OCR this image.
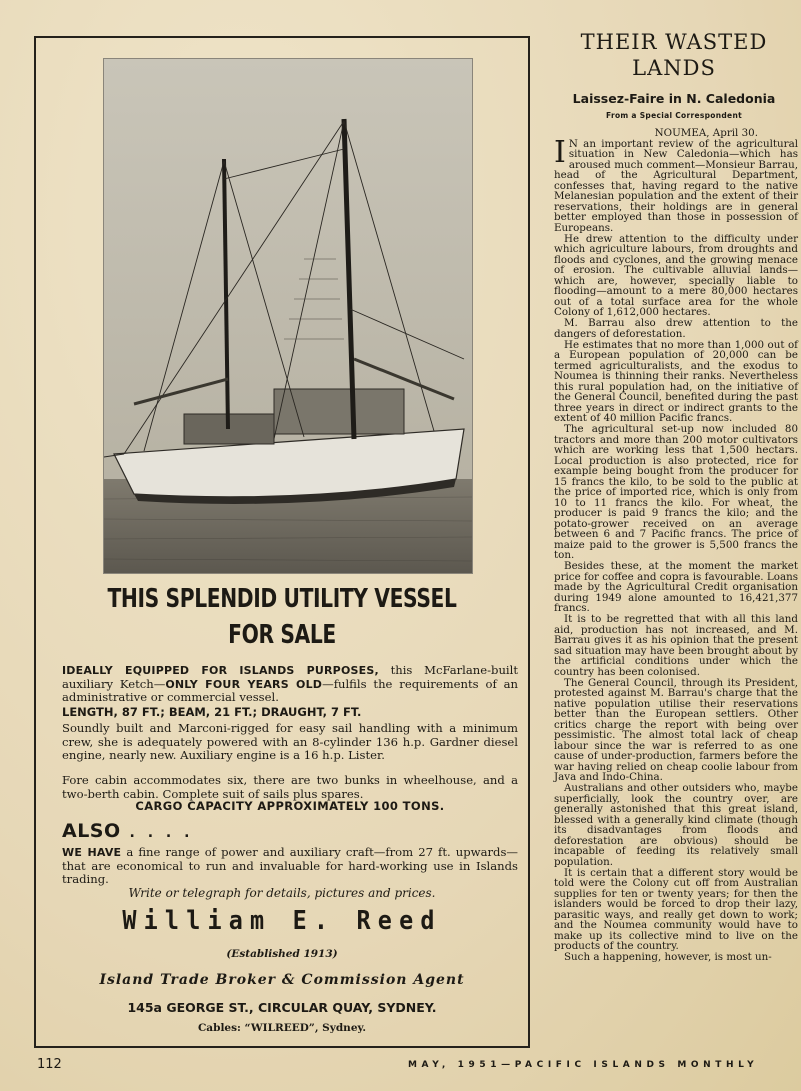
THIS SPLENDID UTILITY VESSEL
FOR SALE
IDEALLY EQUIPPED FOR ISLANDS PURPOSES, this McFarlane-built auxiliary Ketch—ONLY FOUR YEARS OLD—fulfils the requirements of an administrative or commercial vessel.
LENGTH, 87 FT.; BEAM, 21 FT.; DRAUGHT, 7 FT.
Soundly built and Marconi-rigged for easy sail handling with a minimum crew, she is adequately powered with an 8-cylinder 136 h.p. Gardner diesel engine, nearly new. Auxiliary engine is a 16 h.p. Lister.
Fore cabin accommodates six, there are two bunks in wheelhouse, and a two-berth cabin. Complete suit of sails plus spares.
CARGO CAPACITY APPROXIMATELY 100 TONS.
ALSO . . . .
WE HAVE a fine range of power and auxiliary craft—from 27 ft. upwards—that are economical to run and invaluable for hard-working use in Islands trading.
Write or telegraph for details, pictures and prices.
William E. Reed
(Established 1913)
Island Trade Broker & Commission Agent
145a GEORGE ST., CIRCULAR QUAY, SYDNEY.
Cables: “WILREED”, Sydney.
THEIR WASTED
LANDS
Laissez-Faire in N. Caledonia
From a Special Correspondent
NOUMEA, April 30.

I N an important review of the agricultural situation in New Caledonia—which has aroused much comment—Monsieur Barrau, head of the Agricultural Department, confesses that, having regard to the native Melanesian population and the extent of their reservations, their holdings are in general better employed than those in possession of Europeans.

He drew attention to the difficulty under which agriculture labours, from droughts and floods and cyclones, and the growing menace of erosion. The cultivable alluvial lands—which are, however, specially liable to flooding—amount to a mere 80,000 hectares out of a total surface area for the whole Colony of 1,612,000 hectares.

M. Barrau also drew attention to the dangers of deforestation.

He estimates that no more than 1,000 out of a European population of 20,000 can be termed agriculturalists, and the exodus to Noumea is thinning their ranks. Nevertheless this rural population had, on the initiative of the General Council, benefited during the past three years in direct or indirect grants to the extent of 40 million Pacific francs.

The agricultural set-up now included 80 tractors and more than 200 motor cultivators which are working less that 1,500 hectars. Local production is also protected, rice for example being bought from the producer for 15 francs the kilo, to be sold to the public at the price of imported rice, which is only from 10 to 11 francs the kilo. For wheat, the producer is paid 9 francs the kilo; and the potato-grower received on an average between 6 and 7 Pacific francs. The price of maize paid to the grower is 5,500 francs the ton.

Besides these, at the moment the market price for coffee and copra is favourable. Loans made by the Agricultural Credit organisation during 1949 alone amounted to 16,421,377 francs.

It is to be regretted that with all this land aid, production has not increased, and M. Barrau gives it as his opinion that the present sad situation may have been brought about by the artificial conditions under which the country has been colonised.

The General Council, through its President, protested against M. Barrau's charge that the native population utilise their reservations better than the European settlers. Other critics charge the report with being over pessimistic. The almost total lack of cheap labour since the war is referred to as one cause of under-production, farmers before the war having relied on cheap coolie labour from Java and Indo-China.

Australians and other outsiders who, maybe superficially, look the country over, are generally astonished that this great island, blessed with a generally kind climate (though its disadvantages from floods and deforestation are obvious) should be incapable of feeding its relatively small population.

It is certain that a different story would be told were the Colony cut off from Australian supplies for ten or twenty years; for then the islanders would be forced to drop their lazy, parasitic ways, and really get down to work; and the Noumea community would have to make up its collective mind to live on the products of the country.

Such a happening, however, is most un-

112	MAY, 1951—PACIFIC ISLANDS MONTHLY
